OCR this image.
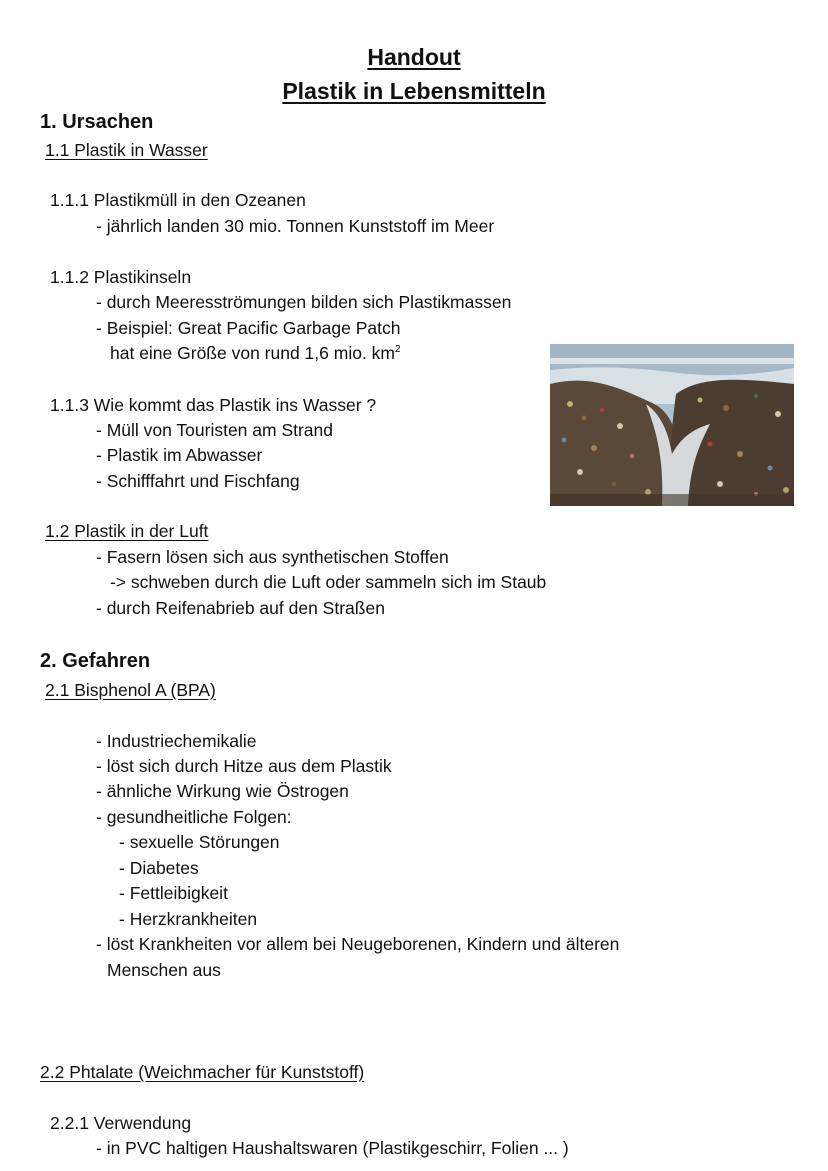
Handout
Plastik in Lebensmitteln
1. Ursachen
1.1 Plastik in Wasser
1.1.1 Plastikmüll in den Ozeanen
- jährlich landen 30 mio. Tonnen Kunststoff im Meer
1.1.2 Plastikinseln
- durch Meeresströmungen bilden sich Plastikmassen
- Beispiel: Great Pacific Garbage Patch
hat eine Größe von rund 1,6 mio. $km^2$
1.1.3 Wie kommt das Plastik ins Wasser ?
- Müll von Touristen am Strand
- Plastik im Abwasser
- Schifffahrt und Fischfang
1.2 Plastik in der Luft
- Fasern lösen sich aus synthetischen Stoffen
-> schweben durch die Luft oder sammeln sich im Staub
- durch Reifenabrieb auf den Straßen
2. Gefahren
2.1 Bisphenol A (BPA)
- Industriechemikalie
- löst sich durch Hitze aus dem Plastik
- ähnliche Wirkung wie Östrogen
- gesundheitliche Folgen:
- sexuelle Störungen
- Diabetes
- Fettleibigkeit
- Herzkrankheiten
- löst Krankheiten vor allem bei Neugeborenen, Kindern und älteren
Menschen aus
2.2 Phtalate (Weichmacher für Kunststoff)
2.2.1 Verwendung
- in PVC haltigen Haushaltswaren (Plastikgeschirr, Folien ... )
